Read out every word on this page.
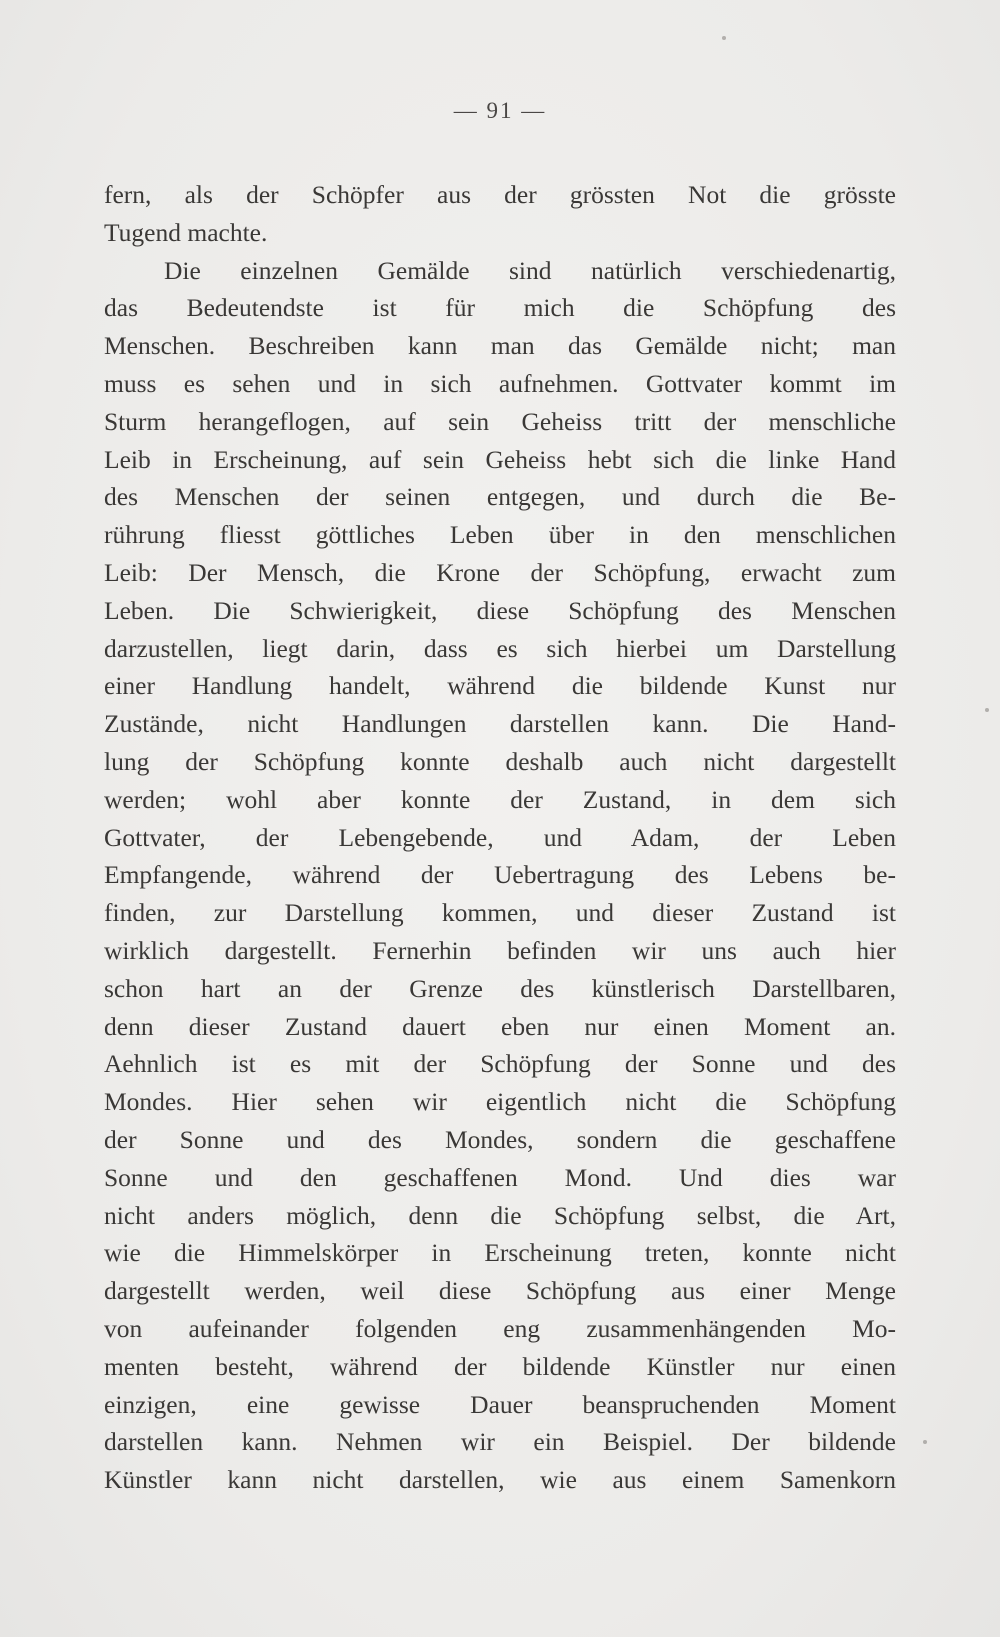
— 91 —
fern, als der Schöpfer aus der grössten Not die grösste
Tugend machte.
Die einzelnen Gemälde sind natürlich verschiedenartig,
das Bedeutendste ist für mich die Schöpfung des
Menschen. Beschreiben kann man das Gemälde nicht; man
muss es sehen und in sich aufnehmen. Gottvater kommt im
Sturm herangeflogen, auf sein Geheiss tritt der menschliche
Leib in Erscheinung, auf sein Geheiss hebt sich die linke Hand
des Menschen der seinen entgegen, und durch die Be-
rührung fliesst göttliches Leben über in den menschlichen
Leib: Der Mensch, die Krone der Schöpfung, erwacht zum
Leben. Die Schwierigkeit, diese Schöpfung des Menschen
darzustellen, liegt darin, dass es sich hierbei um Darstellung
einer Handlung handelt, während die bildende Kunst nur
Zustände, nicht Handlungen darstellen kann. Die Hand-
lung der Schöpfung konnte deshalb auch nicht dargestellt
werden; wohl aber konnte der Zustand, in dem sich
Gottvater, der Lebengebende, und Adam, der Leben
Empfangende, während der Uebertragung des Lebens be-
finden, zur Darstellung kommen, und dieser Zustand ist
wirklich dargestellt. Fernerhin befinden wir uns auch hier
schon hart an der Grenze des künstlerisch Darstellbaren,
denn dieser Zustand dauert eben nur einen Moment an.
Aehnlich ist es mit der Schöpfung der Sonne und des
Mondes. Hier sehen wir eigentlich nicht die Schöpfung
der Sonne und des Mondes, sondern die geschaffene
Sonne und den geschaffenen Mond. Und dies war
nicht anders möglich, denn die Schöpfung selbst, die Art,
wie die Himmelskörper in Erscheinung treten, konnte nicht
dargestellt werden, weil diese Schöpfung aus einer Menge
von aufeinander folgenden eng zusammenhängenden Mo-
menten besteht, während der bildende Künstler nur einen
einzigen, eine gewisse Dauer beanspruchenden Moment
darstellen kann. Nehmen wir ein Beispiel. Der bildende
Künstler kann nicht darstellen, wie aus einem Samenkorn
